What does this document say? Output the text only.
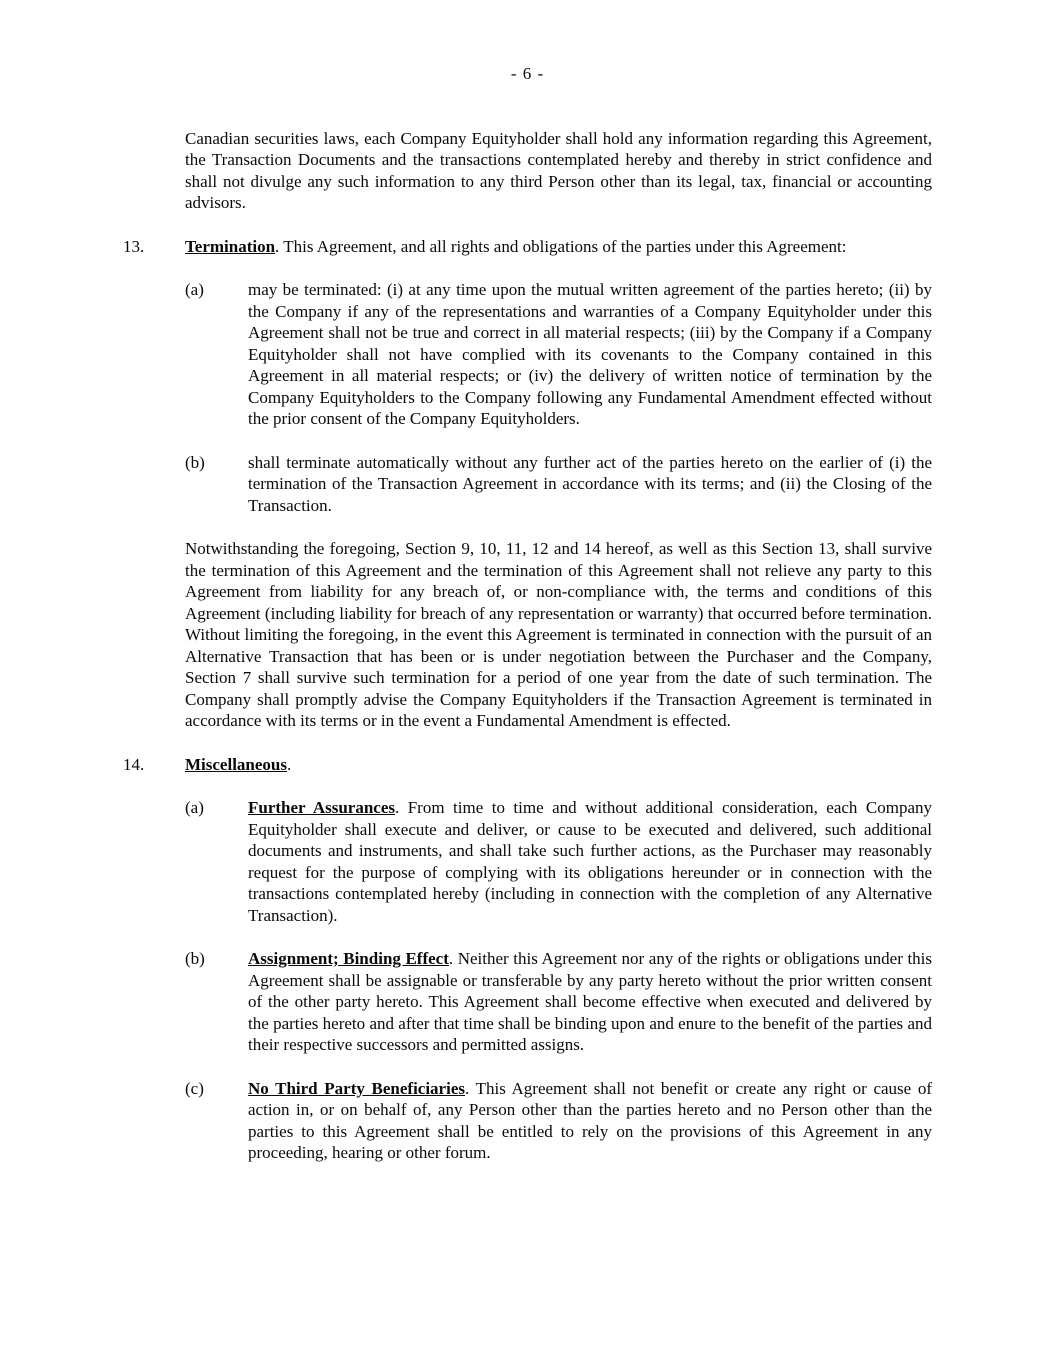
- 6 -

Canadian securities laws, each Company Equityholder shall hold any information regarding this Agreement, the Transaction Documents and the transactions contemplated hereby and thereby in strict confidence and shall not divulge any such information to any third Person other than its legal, tax, financial or accounting advisors.

13.	Termination. This Agreement, and all rights and obligations of the parties under this Agreement:
(a)	may be terminated: (i) at any time upon the mutual written agreement of the parties hereto; (ii) by the Company if any of the representations and warranties of a Company Equityholder under this Agreement shall not be true and correct in all material respects; (iii) by the Company if a Company Equityholder shall not have complied with its covenants to the Company contained in this Agreement in all material respects; or (iv) the delivery of written notice of termination by the Company Equityholders to the Company following any Fundamental Amendment effected without the prior consent of the Company Equityholders.
(b)	shall terminate automatically without any further act of the parties hereto on the earlier of (i) the termination of the Transaction Agreement in accordance with its terms; and (ii) the Closing of the Transaction.

Notwithstanding the foregoing, Section 9, 10, 11, 12 and 14 hereof, as well as this Section 13, shall survive the termination of this Agreement and the termination of this Agreement shall not relieve any party to this Agreement from liability for any breach of, or non-compliance with, the terms and conditions of this Agreement (including liability for breach of any representation or warranty) that occurred before termination. Without limiting the foregoing, in the event this Agreement is terminated in connection with the pursuit of an Alternative Transaction that has been or is under negotiation between the Purchaser and the Company, Section 7 shall survive such termination for a period of one year from the date of such termination. The Company shall promptly advise the Company Equityholders if the Transaction Agreement is terminated in accordance with its terms or in the event a Fundamental Amendment is effected.

14.	Miscellaneous.
(a)	Further Assurances. From time to time and without additional consideration, each Company Equityholder shall execute and deliver, or cause to be executed and delivered, such additional documents and instruments, and shall take such further actions, as the Purchaser may reasonably request for the purpose of complying with its obligations hereunder or in connection with the transactions contemplated hereby (including in connection with the completion of any Alternative Transaction).
(b)	Assignment; Binding Effect. Neither this Agreement nor any of the rights or obligations under this Agreement shall be assignable or transferable by any party hereto without the prior written consent of the other party hereto. This Agreement shall become effective when executed and delivered by the parties hereto and after that time shall be binding upon and enure to the benefit of the parties and their respective successors and permitted assigns.
(c)	No Third Party Beneficiaries. This Agreement shall not benefit or create any right or cause of action in, or on behalf of, any Person other than the parties hereto and no Person other than the parties to this Agreement shall be entitled to rely on the provisions of this Agreement in any proceeding, hearing or other forum.
